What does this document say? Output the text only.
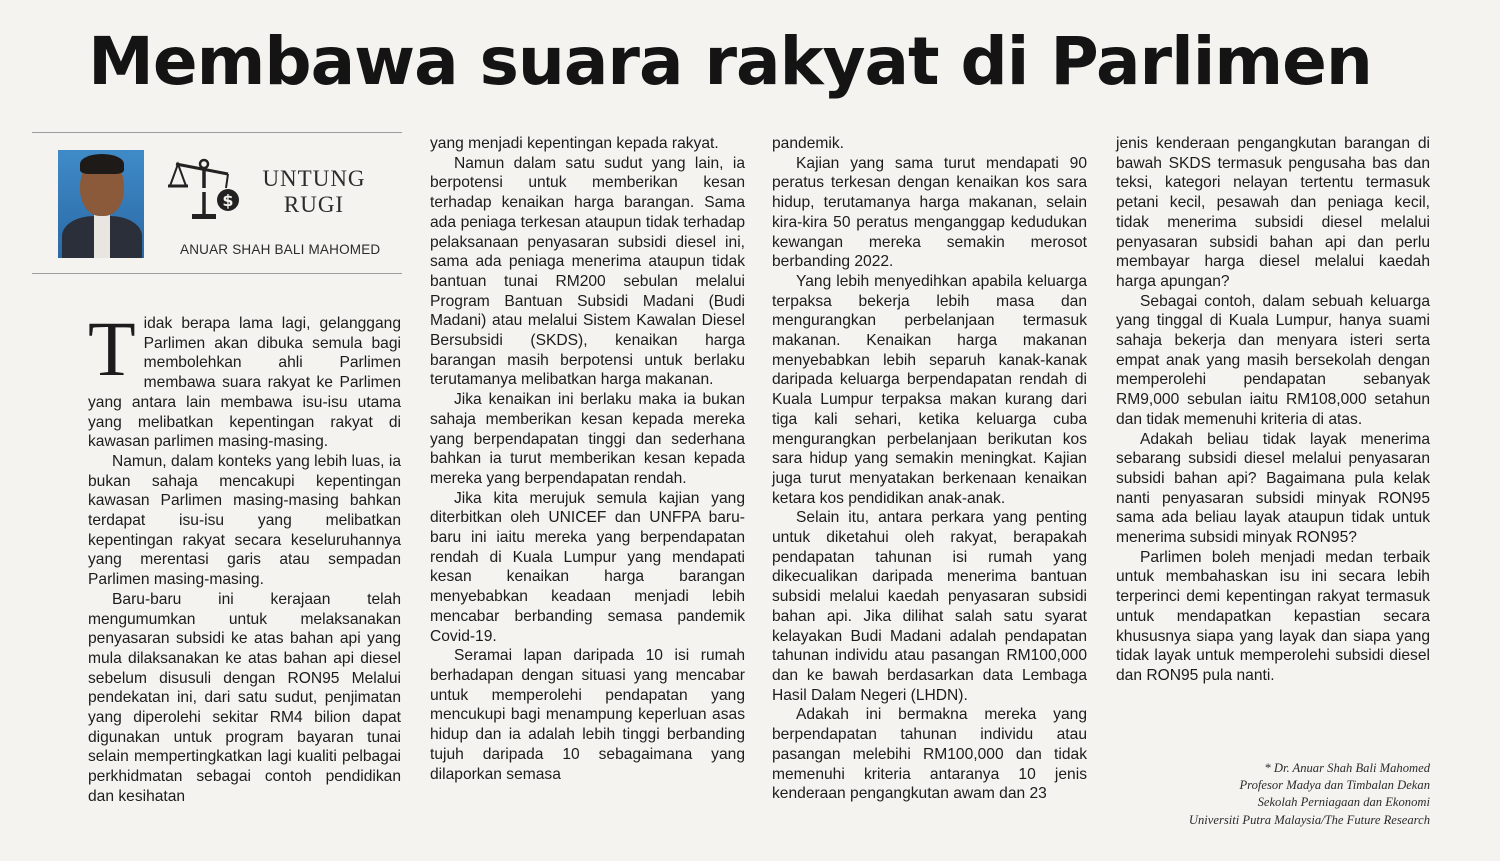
Membawa suara rakyat di Parlimen
$
UNTUNG
RUGI

ANUAR SHAH BALI MAHOMED

Tidak berapa lama lagi, gelanggang Parlimen akan dibuka semula bagi membolehkan ahli Parlimen membawa suara rakyat ke Parlimen yang antara lain membawa isu-isu utama yang melibatkan kepentingan rakyat di kawasan parlimen masing-masing.

Namun, dalam konteks yang lebih luas, ia bukan sahaja mencakupi kepentingan kawasan Parlimen masing-masing bahkan terdapat isu-isu yang melibatkan kepentingan rakyat secara keseluruhannya yang merentasi garis atau sempadan Parlimen masing-masing.

Baru-baru ini kerajaan telah mengumumkan untuk melaksanakan penyasaran subsidi ke atas bahan api yang mula dilaksanakan ke atas bahan api diesel sebelum disusuli dengan RON95 Melalui pendekatan ini, dari satu sudut, penjimatan yang diperolehi sekitar RM4 bilion dapat digunakan untuk program bayaran tunai selain mempertingkatkan lagi kualiti pelbagai perkhidmatan sebagai contoh pendidikan dan kesihatan

yang menjadi kepentingan kepada rakyat.

Namun dalam satu sudut yang lain, ia berpotensi untuk memberikan kesan terhadap kenaikan harga barangan. Sama ada peniaga terkesan ataupun tidak terhadap pelaksanaan penyasaran subsidi diesel ini, sama ada peniaga menerima ataupun tidak bantuan tunai RM200 sebulan melalui Program Bantuan Subsidi Madani (Budi Madani) atau melalui Sistem Kawalan Diesel Bersubsidi (SKDS), kenaikan harga barangan masih berpotensi untuk berlaku terutamanya melibatkan harga makanan.

Jika kenaikan ini berlaku maka ia bukan sahaja memberikan kesan kepada mereka yang berpendapatan tinggi dan sederhana bahkan ia turut memberikan kesan kepada mereka yang berpendapatan rendah.

Jika kita merujuk semula kajian yang diterbitkan oleh UNICEF dan UNFPA baru-baru ini iaitu mereka yang berpendapatan rendah di Kuala Lumpur yang mendapati kesan kenaikan harga barangan menyebabkan keadaan menjadi lebih mencabar berbanding semasa pandemik Covid-19.

Seramai lapan daripada 10 isi rumah berhadapan dengan situasi yang mencabar untuk memperolehi pendapatan yang mencukupi bagi menampung keperluan asas hidup dan ia adalah lebih tinggi berbanding tujuh daripada 10 sebagaimana yang dilaporkan semasa

pandemik.

Kajian yang sama turut mendapati 90 peratus terkesan dengan kenaikan kos sara hidup, terutamanya harga makanan, selain kira-kira 50 peratus menganggap kedudukan kewangan mereka semakin merosot berbanding 2022.

Yang lebih menyedihkan apabila keluarga terpaksa bekerja lebih masa dan mengurangkan perbelanjaan termasuk makanan. Kenaikan harga makanan menyebabkan lebih separuh kanak-kanak daripada keluarga berpendapatan rendah di Kuala Lumpur terpaksa makan kurang dari tiga kali sehari, ketika keluarga cuba mengurangkan perbelanjaan berikutan kos sara hidup yang semakin meningkat. Kajian juga turut menyatakan berkenaan kenaikan ketara kos pendidikan anak-anak.

Selain itu, antara perkara yang penting untuk diketahui oleh rakyat, berapakah pendapatan tahunan isi rumah yang dikecualikan daripada menerima bantuan subsidi melalui kaedah penyasaran subsidi bahan api. Jika dilihat salah satu syarat kelayakan Budi Madani adalah pendapatan tahunan individu atau pasangan RM100,000 dan ke bawah berdasarkan data Lembaga Hasil Dalam Negeri (LHDN).

Adakah ini bermakna mereka yang berpendapatan tahunan individu atau pasangan melebihi RM100,000 dan tidak memenuhi kriteria antaranya 10 jenis kenderaan pengangkutan awam dan 23

jenis kenderaan pengangkutan barangan di bawah SKDS termasuk pengusaha bas dan teksi, kategori nelayan tertentu termasuk petani kecil, pesawah dan peniaga kecil, tidak menerima subsidi diesel melalui penyasaran subsidi bahan api dan perlu membayar harga diesel melalui kaedah harga apungan?

Sebagai contoh, dalam sebuah keluarga yang tinggal di Kuala Lumpur, hanya suami sahaja bekerja dan menyara isteri serta empat anak yang masih bersekolah dengan memperolehi pendapatan sebanyak RM9,000 sebulan iaitu RM108,000 setahun dan tidak memenuhi kriteria di atas.

Adakah beliau tidak layak menerima sebarang subsidi diesel melalui penyasaran subsidi bahan api? Bagaimana pula kelak nanti penyasaran subsidi minyak RON95 sama ada beliau layak ataupun tidak untuk menerima subsidi minyak RON95?

Parlimen boleh menjadi medan terbaik untuk membahaskan isu ini secara lebih terperinci demi kepentingan rakyat termasuk untuk mendapatkan kepastian secara khususnya siapa yang layak dan siapa yang tidak layak untuk memperolehi subsidi diesel dan RON95 pula nanti.

* Dr. Anuar Shah Bali Mahomed
Profesor Madya dan Timbalan Dekan
Sekolah Perniagaan dan Ekonomi
Universiti Putra Malaysia/The Future Research
